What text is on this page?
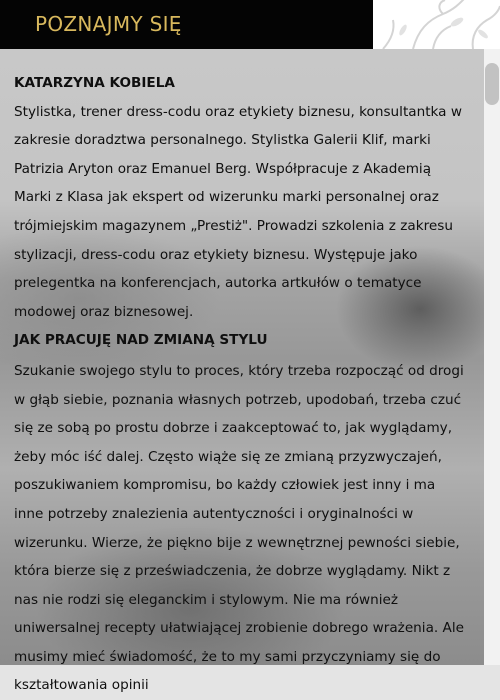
POZNAJMY SIĘ

KATARZYNA KOBIELA

Stylistka, trener dress-codu oraz etykiety biznesu, konsultantka w zakresie doradztwa personalnego. Stylistka Galerii Klif, marki Patrizia Aryton oraz Emanuel Berg. Współpracuje z Akademią Marki z Klasa jak ekspert od wizerunku marki personalnej oraz trójmiejskim magazynem „Prestiż". Prowadzi szkolenia z zakresu stylizacji, dress-codu oraz etykiety biznesu. Występuje jako prelegentka na konferencjach, autorka artkułów o tematyce modowej oraz biznesowej.

JAK PRACUJĘ NAD ZMIANĄ STYLU

Szukanie swojego stylu to proces, który trzeba rozpocząć od drogi w głąb siebie, poznania własnych potrzeb, upodobań, trzeba czuć się ze sobą po prostu dobrze i zaakceptować to, jak wyglądamy, żeby móc iść dalej. Często wiąże się ze zmianą przyzwyczajeń, poszukiwaniem kompromisu, bo każdy człowiek jest inny i ma inne potrzeby znalezienia autentyczności i oryginalności w wizerunku. Wierze, że piękno bije z wewnętrznej pewności siebie, która bierze się z przeświadczenia, że dobrze wyglądamy. Nikt z nas nie rodzi się eleganckim i stylowym. Nie ma również uniwersalnej recepty ułatwiającej zrobienie dobrego wrażenia. Ale musimy mieć świadomość, że to my sami przyczyniamy się do kształtowania opinii
